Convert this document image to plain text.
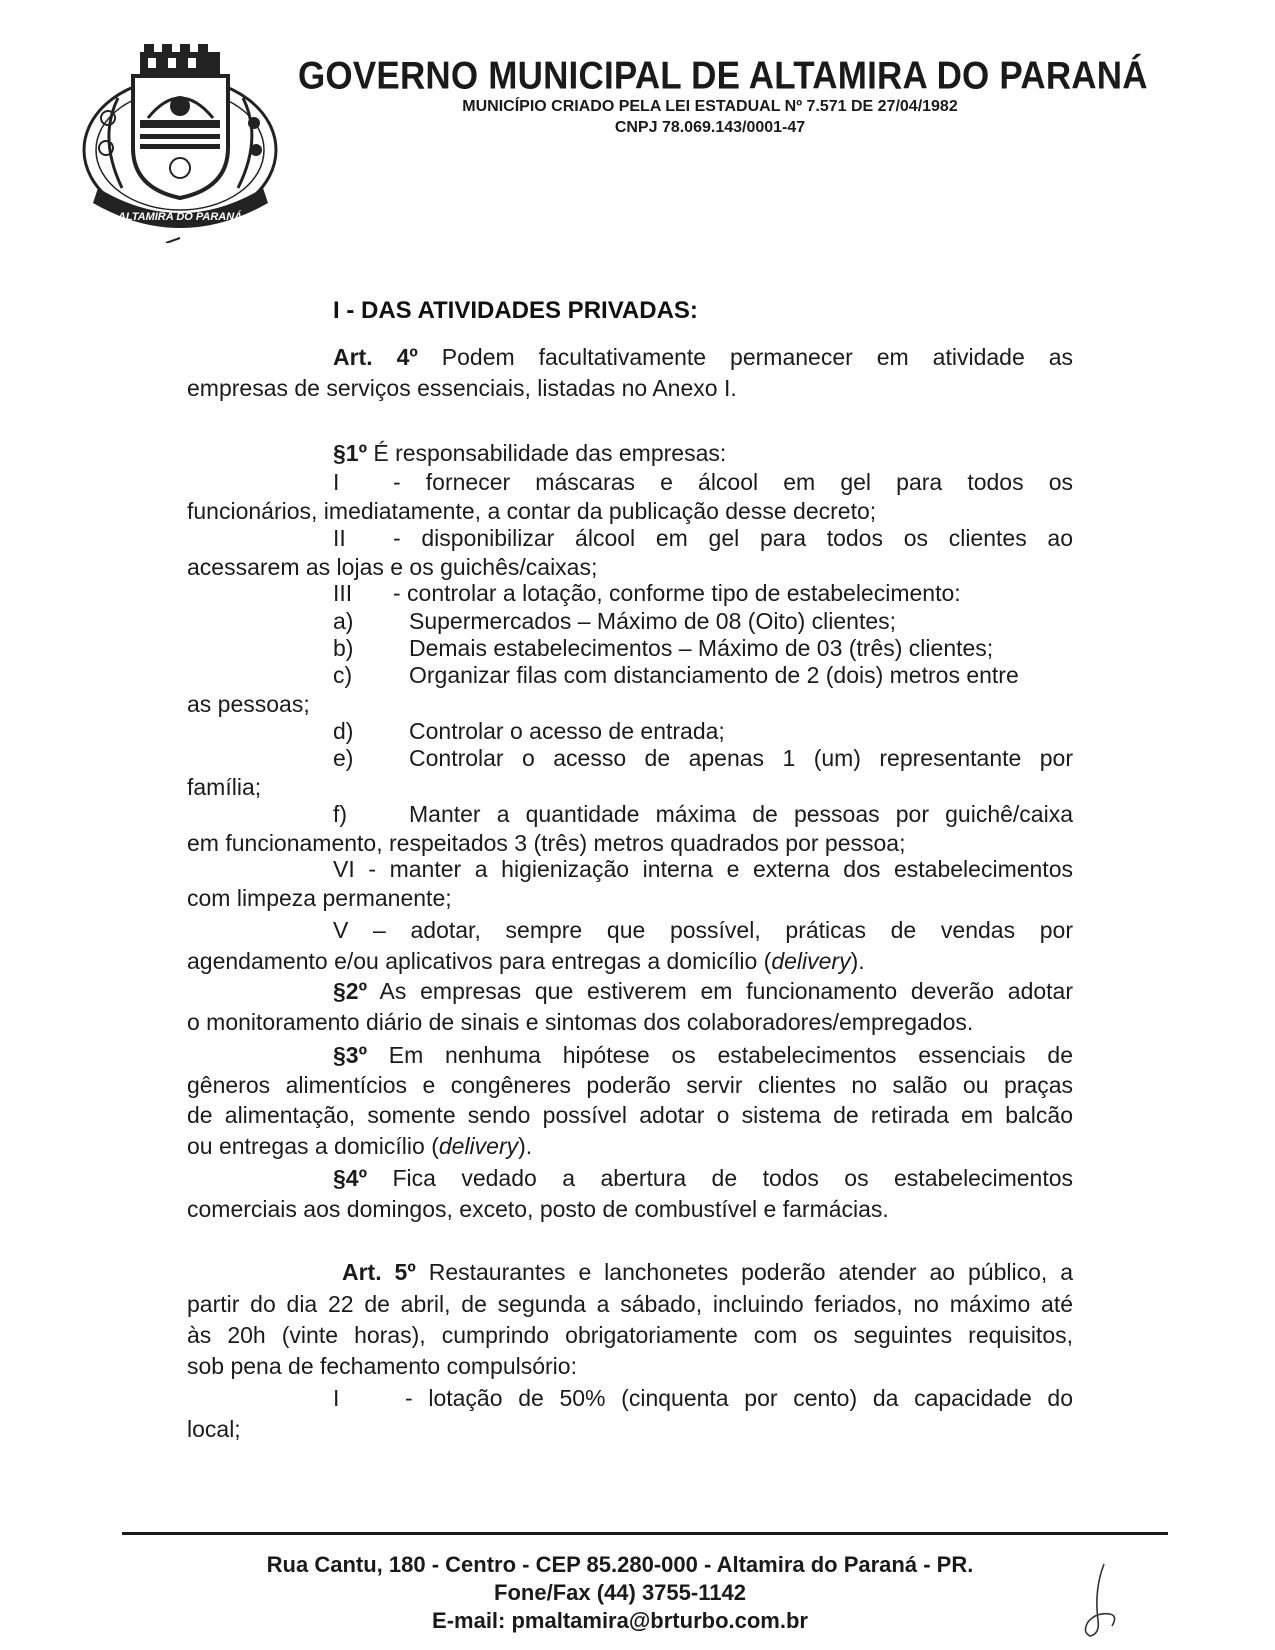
ALTAMIRA DO PARANÁ
GOVERNO MUNICIPAL DE ALTAMIRA DO PARANÁ
MUNICÍPIO CRIADO PELA LEI ESTADUAL Nº 7.571 DE 27/04/1982
CNPJ 78.069.143/0001-47
I - DAS ATIVIDADES PRIVADAS:
Art. 4º Podem facultativamente permanecer em atividade as
empresas de serviços essenciais, listadas no Anexo I.
§1º É responsabilidade das empresas:
I - fornecer máscaras e álcool em gel para todos os
funcionários, imediatamente, a contar da publicação desse decreto;
II - disponibilizar álcool em gel para todos os clientes ao
acessarem as lojas e os guichês/caixas;
III - controlar a lotação, conforme tipo de estabelecimento:
a) Supermercados – Máximo de 08 (Oito) clientes;
b) Demais estabelecimentos – Máximo de 03 (três) clientes;
c) Organizar filas com distanciamento de 2 (dois) metros entre
as pessoas;
d) Controlar o acesso de entrada;
e) Controlar o acesso de apenas 1 (um) representante por
família;
f)	Manter a quantidade máxima de pessoas por guichê/caixa
em funcionamento, respeitados 3 (três) metros quadrados por pessoa;
VI - manter a higienização interna e externa dos estabelecimentos
com limpeza permanente;
V – adotar, sempre que possível, práticas de vendas por
agendamento e/ou aplicativos para entregas a domicílio (delivery).
§2º As empresas que estiverem em funcionamento deverão adotar
o monitoramento diário de sinais e sintomas dos colaboradores/empregados.
§3º Em nenhuma hipótese os estabelecimentos essenciais de
gêneros alimentícios e congêneres poderão servir clientes no salão ou praças
de alimentação, somente sendo possível adotar o sistema de retirada em balcão
ou entregas a domicílio (delivery).
§4º Fica vedado a abertura de todos os estabelecimentos
comerciais aos domingos, exceto, posto de combustível e farmácias.
Art. 5º Restaurantes e lanchonetes poderão atender ao público, a
partir do dia 22 de abril, de segunda a sábado, incluindo feriados, no máximo até
às 20h (vinte horas), cumprindo obrigatoriamente com os seguintes requisitos,
sob pena de fechamento compulsório:
I	- lotação de 50% (cinquenta por cento) da capacidade do
local;
Rua Cantu, 180 - Centro - CEP 85.280-000 - Altamira do Paraná - PR.
Fone/Fax (44) 3755-1142
E-mail: pmaltamira@brturbo.com.br
